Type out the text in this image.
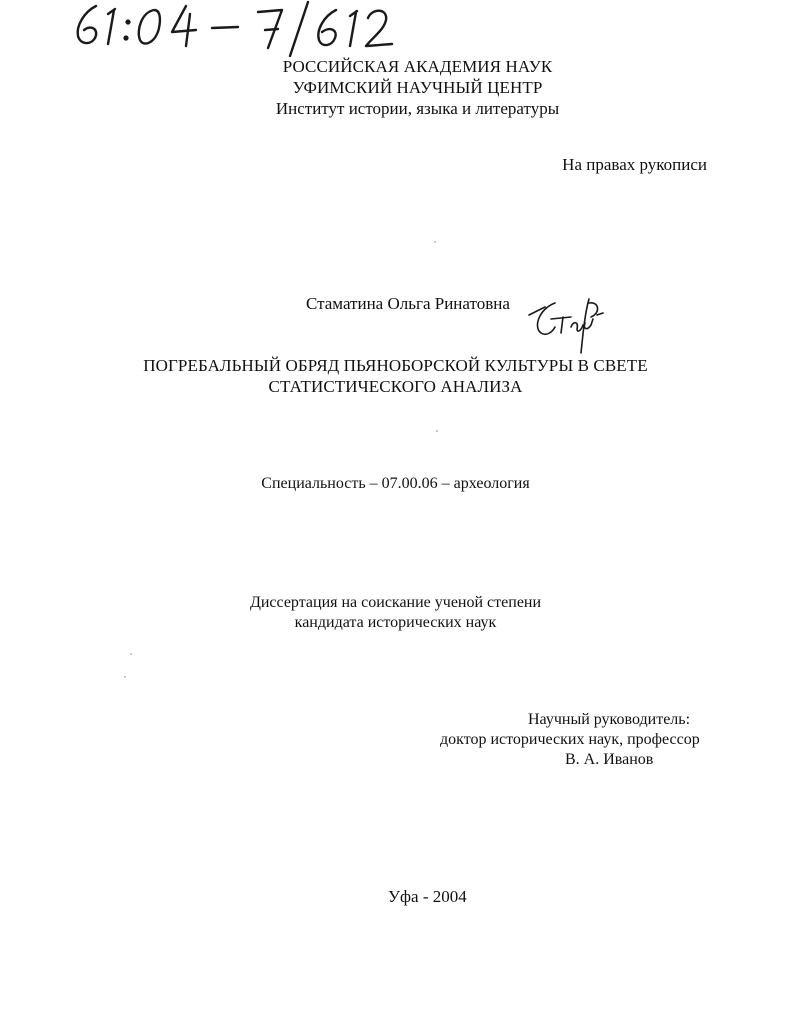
РОССИЙСКАЯ АКАДЕМИЯ НАУК
УФИМСКИЙ НАУЧНЫЙ ЦЕНТР
Институт истории, языка и литературы
На правах рукописи
Стаматина Ольга Ринатовна
ПОГРЕБАЛЬНЫЙ ОБРЯД ПЬЯНОБОРСКОЙ КУЛЬТУРЫ В СВЕТЕ
СТАТИСТИЧЕСКОГО АНАЛИЗА
Специальность – 07.00.06 – археология
Диссертация на соискание ученой степени
кандидата исторических наук
Научный руководитель:
доктор исторических наук, профессор
В. А. Иванов
Уфа - 2004
